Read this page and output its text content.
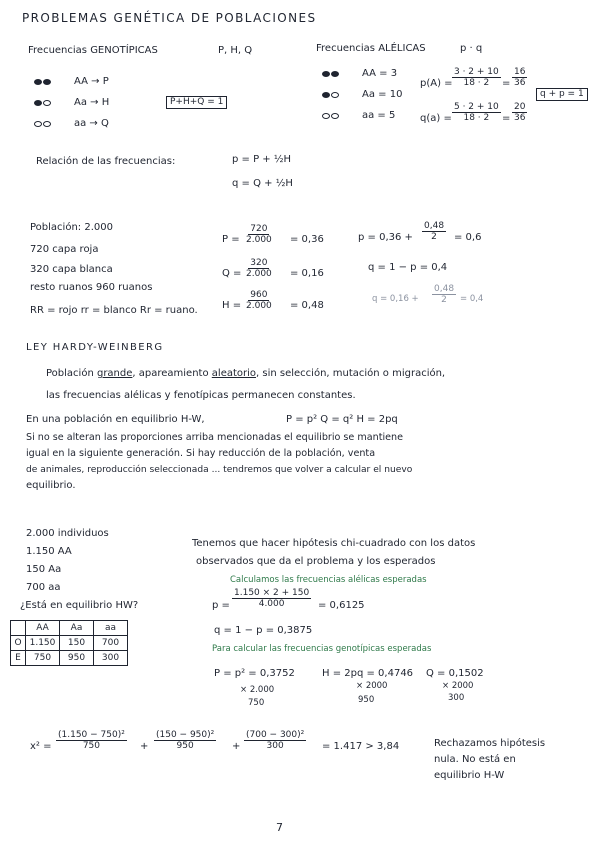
PROBLEMAS GENÉTICA DE POBLACIONES
Frecuencias GENOTÍPICAS	P, H, Q
AA → P
Aa → H	P+H+Q = 1
aa → Q
Frecuencias ALÉLICAS	p · q
AA = 3
Aa = 10
aa = 5
$p(A) = \frac{3 \cdot 2 + 10}{18 \cdot 2} = \frac{16}{36}$
q + p = 1
$q(a) = \frac{5 \cdot 2 + 10}{18 \cdot 2} = \frac{20}{36}$
Relación de las frecuencias:	p = P + ½H
q = Q + ½H
Población: 2.000
720 capa roja
320 capa blanca
resto ruanos 960 ruanos
RR = rojo rr = blanco Rr = ruano.
$P = \frac{720}{2.000} = 0,36$
$Q = \frac{320}{2.000} = 0,16$
$H = \frac{960}{2.000} = 0,48$
$p = 0,36 + \frac{0,48}{2} = 0,6$
q = 1 − p = 0,4
$q = 0,16 + \frac{0,48}{2} = 0,4$
LEY HARDY-WEINBERG
Población grande, apareamiento aleatorio, sin selección, mutación o migración,
las frecuencias alélicas y fenotípicas permanecen constantes.
En una población en equilibrio H-W,	P = p² Q = q² H = 2pq
Si no se alteran las proporciones arriba mencionadas el equilibrio se mantiene
igual en la siguiente generación. Si hay reducción de la población, venta
de animales, reproducción seleccionada ... tendremos que volver a calcular el nuevo
equilibrio.
2.000 individuos
1.150 AA
150 Aa
700 aa
¿Está en equilibrio HW?
	AA	Aa	aa
O	1.150	150	700
E	750	950	300
Tenemos que hacer hipótesis chi-cuadrado con los datos
observados que da el problema y los esperados
Calculamos las frecuencias alélicas esperadas
$p = \frac{1.150 \times 2 + 150}{4.000} = 0,6125$
q = 1 − p = 0,3875
Para calcular las frecuencias genotípicas esperadas
P = p² = 0,3752
× 2.000
750
H = 2pq = 0,4746
× 2000
950
Q = 0,1502
× 2000
300
$x^2 = \frac{\text{(1.150 − 750)²}}{750} + \frac{\text{(150 − 950)²}}{950} + \frac{\text{(700 − 300)²}}{300} = 1.417 > 3,84$	Rechazamos hipótesis
nula. No está en
equilibrio H-W
7
